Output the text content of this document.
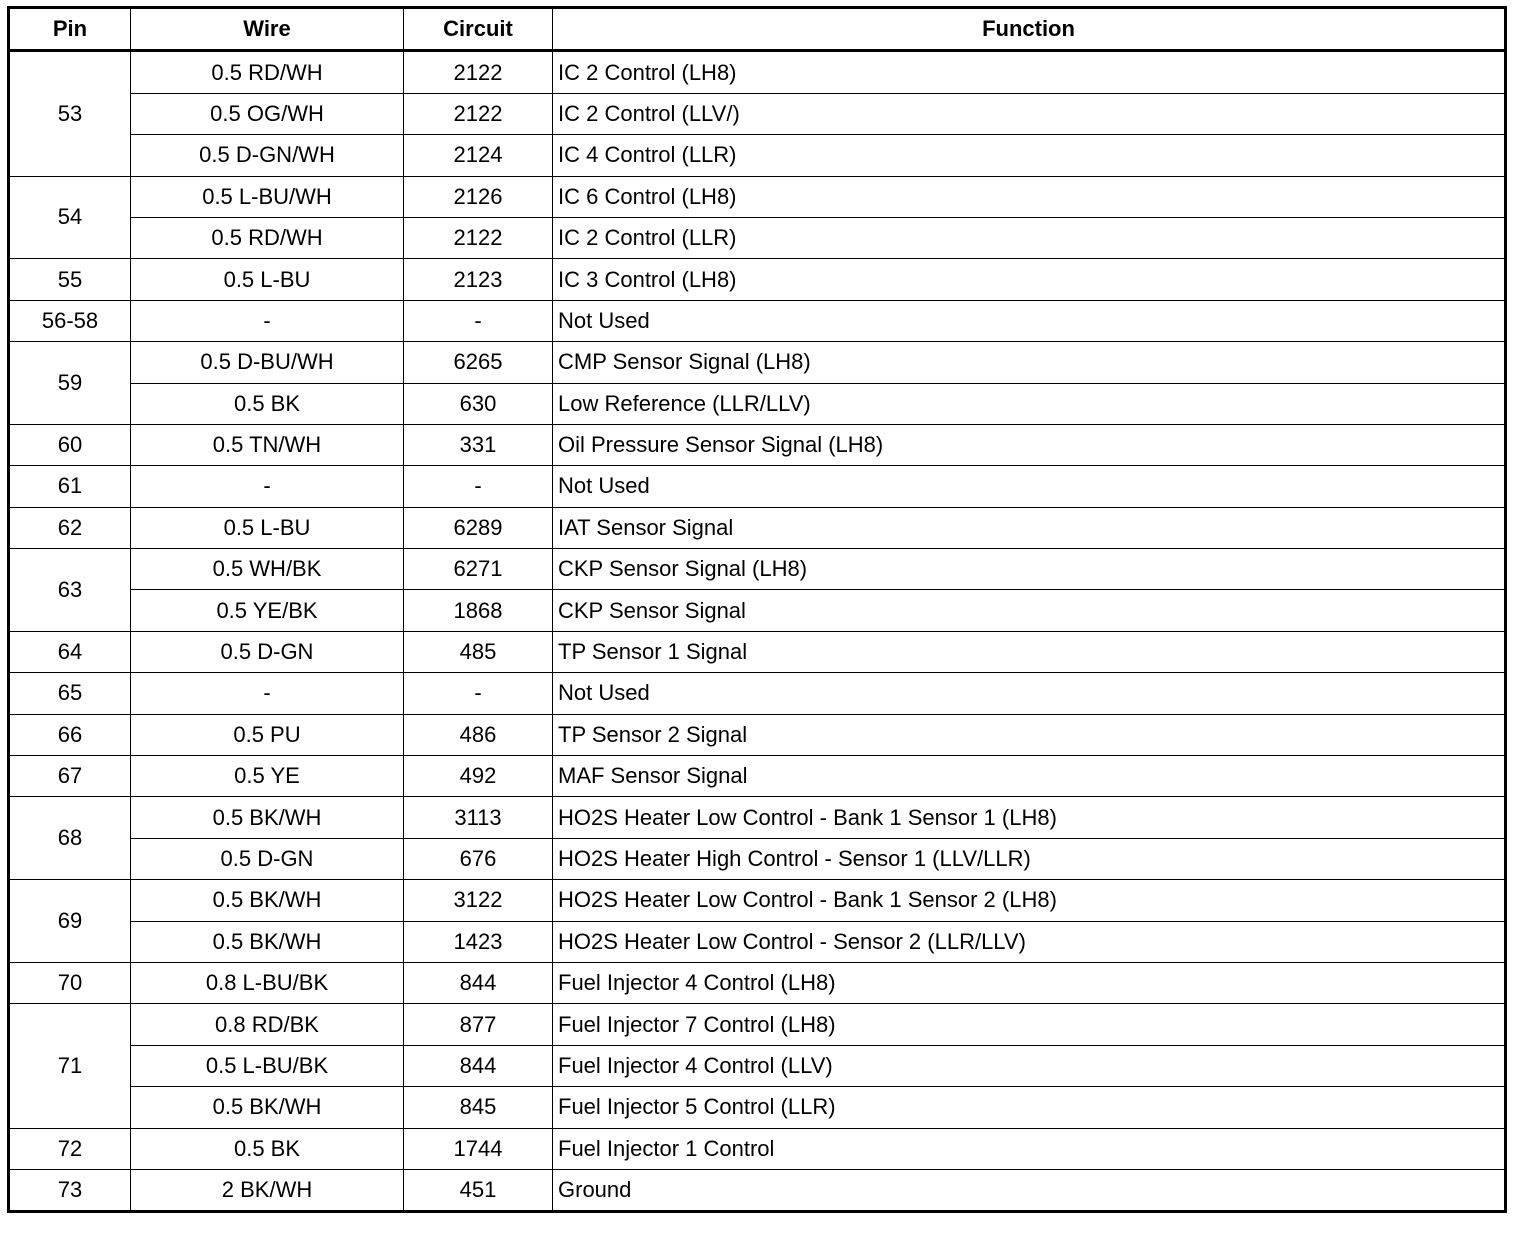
Pin	Wire	Circuit	Function
53	0.5 RD/WH	2122	IC 2 Control (LH8)
	0.5 OG/WH	2122	IC 2 Control (LLV/)
	0.5 D-GN/WH	2124	IC 4 Control (LLR)
54	0.5 L-BU/WH	2126	IC 6 Control (LH8)
	0.5 RD/WH	2122	IC 2 Control (LLR)
55	0.5 L-BU	2123	IC 3 Control (LH8)
56-58	-	-	Not Used
59	0.5 D-BU/WH	6265	CMP Sensor Signal (LH8)
	0.5 BK	630	Low Reference (LLR/LLV)
60	0.5 TN/WH	331	Oil Pressure Sensor Signal (LH8)
61	-	-	Not Used
62	0.5 L-BU	6289	IAT Sensor Signal
63	0.5 WH/BK	6271	CKP Sensor Signal (LH8)
	0.5 YE/BK	1868	CKP Sensor Signal
64	0.5 D-GN	485	TP Sensor 1 Signal
65	-	-	Not Used
66	0.5 PU	486	TP Sensor 2 Signal
67	0.5 YE	492	MAF Sensor Signal
68	0.5 BK/WH	3113	HO2S Heater Low Control - Bank 1 Sensor 1 (LH8)
	0.5 D-GN	676	HO2S Heater High Control - Sensor 1 (LLV/LLR)
69	0.5 BK/WH	3122	HO2S Heater Low Control - Bank 1 Sensor 2 (LH8)
	0.5 BK/WH	1423	HO2S Heater Low Control - Sensor 2 (LLR/LLV)
70	0.8 L-BU/BK	844	Fuel Injector 4 Control (LH8)
71	0.8 RD/BK	877	Fuel Injector 7 Control (LH8)
	0.5 L-BU/BK	844	Fuel Injector 4 Control (LLV)
	0.5 BK/WH	845	Fuel Injector 5 Control (LLR)
72	0.5 BK	1744	Fuel Injector 1 Control
73	2 BK/WH	451	Ground
